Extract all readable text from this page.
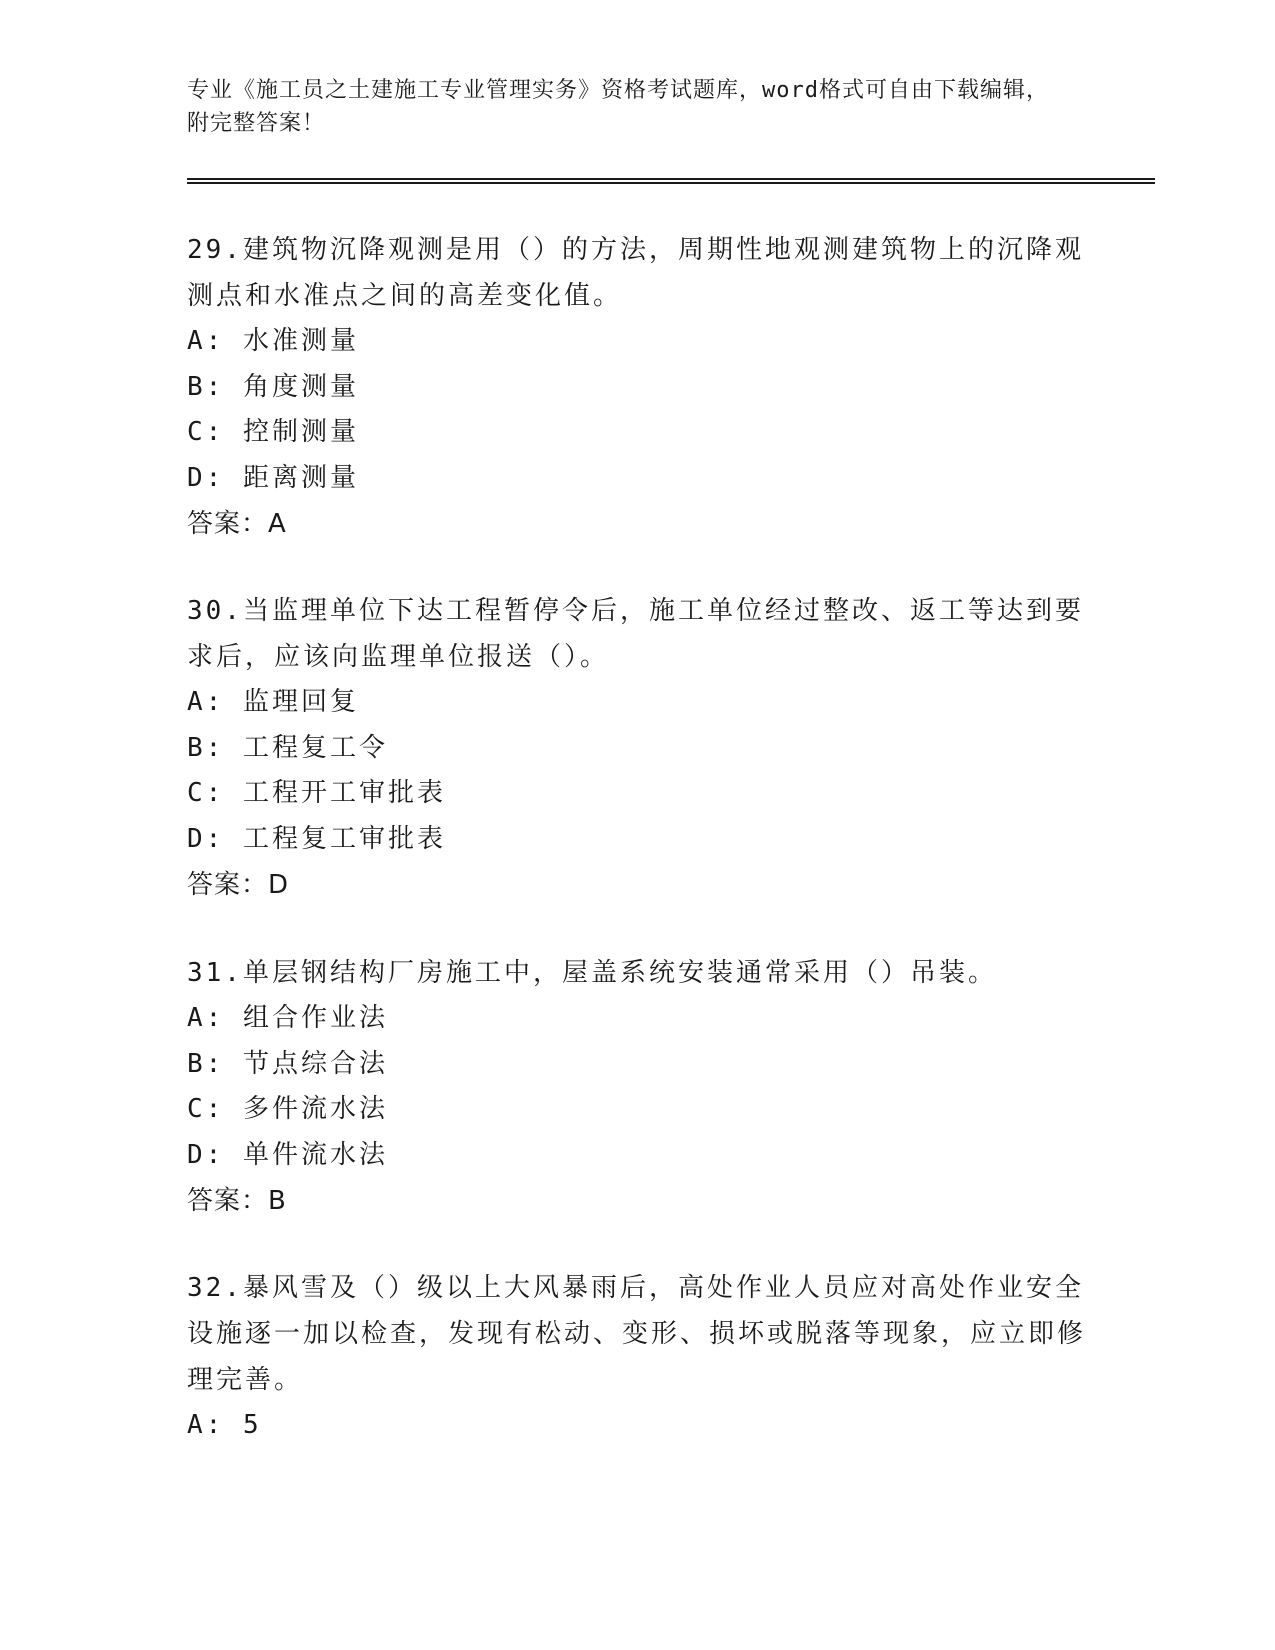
专业《施工员之土建施工专业管理实务》资格考试题库，word格式可自由下载编辑，附完整答案！

29.建筑物沉降观测是用（）的方法，周期性地观测建筑物上的沉降观测点和水准点之间的高差变化值。

A: 水准测量

B: 角度测量

C: 控制测量

D: 距离测量

答案：A

30.当监理单位下达工程暂停令后，施工单位经过整改、返工等达到要求后，应该向监理单位报送（）。

A: 监理回复

B: 工程复工令

C: 工程开工审批表

D: 工程复工审批表

答案：D

31.单层钢结构厂房施工中，屋盖系统安装通常采用（）吊装。

A: 组合作业法

B: 节点综合法

C: 多件流水法

D: 单件流水法

答案：B

32.暴风雪及（）级以上大风暴雨后，高处作业人员应对高处作业安全设施逐一加以检查，发现有松动、变形、损坏或脱落等现象，应立即修理完善。

A: 5
